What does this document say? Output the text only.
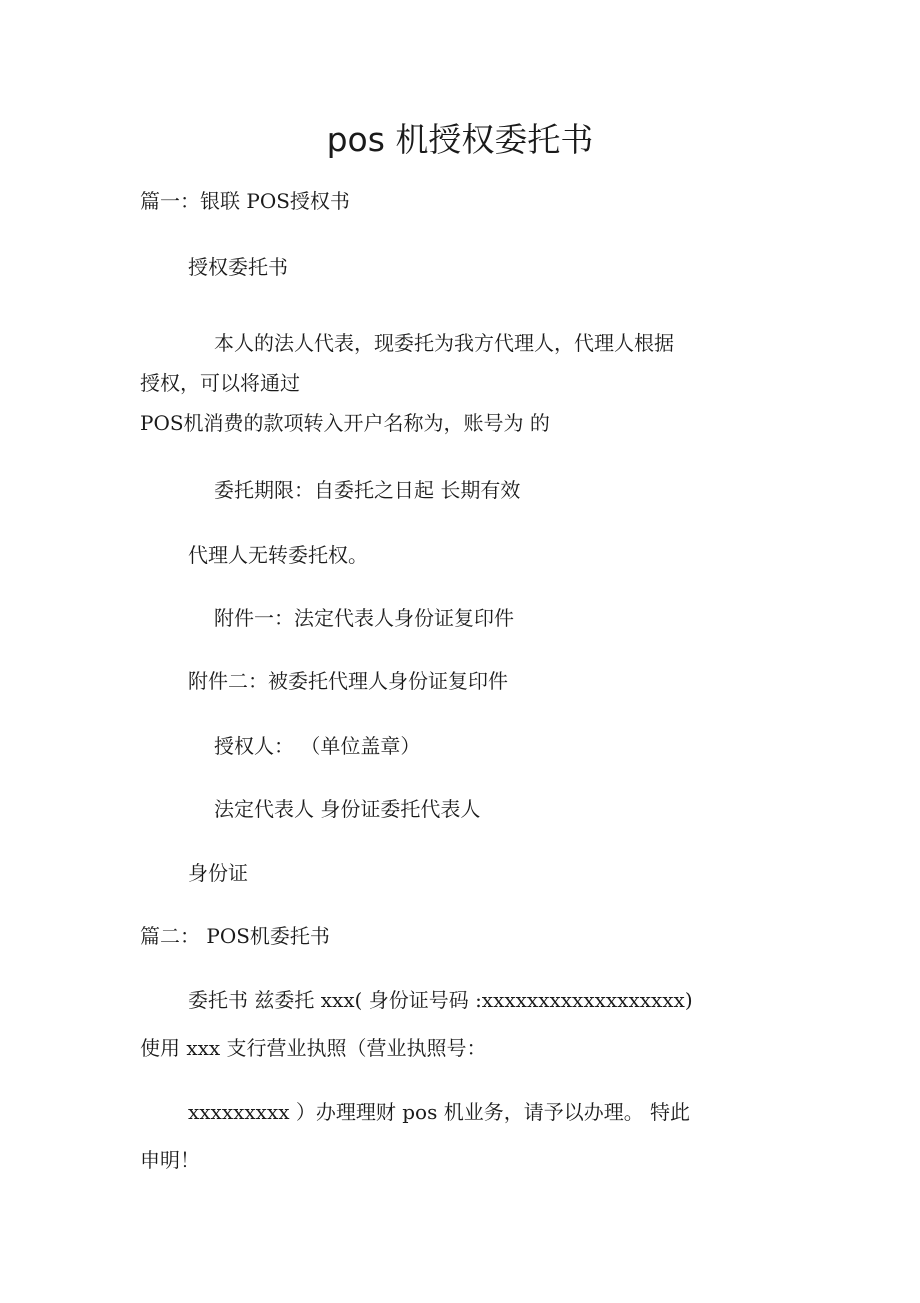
pos 机授权委托书

篇一：银联 POS授权书

授权委托书

本人的法人代表，现委托为我方代理人，代理人根据

授权，可以将通过

POS机消费的款项转入开户名称为，账号为 的

委托期限：自委托之日起 长期有效

代理人无转委托权。

附件一：法定代表人身份证复印件

附件二：被委托代理人身份证复印件

授权人： （单位盖章）

法定代表人 身份证委托代表人

身份证

篇二： POS机委托书

委托书 兹委托 xxx( 身份证号码 :xxxxxxxxxxxxxxxxxx)

使用 xxx 支行营业执照（营业执照号：

xxxxxxxxx ）办理理财 pos 机业务，请予以办理。 特此

申明！
